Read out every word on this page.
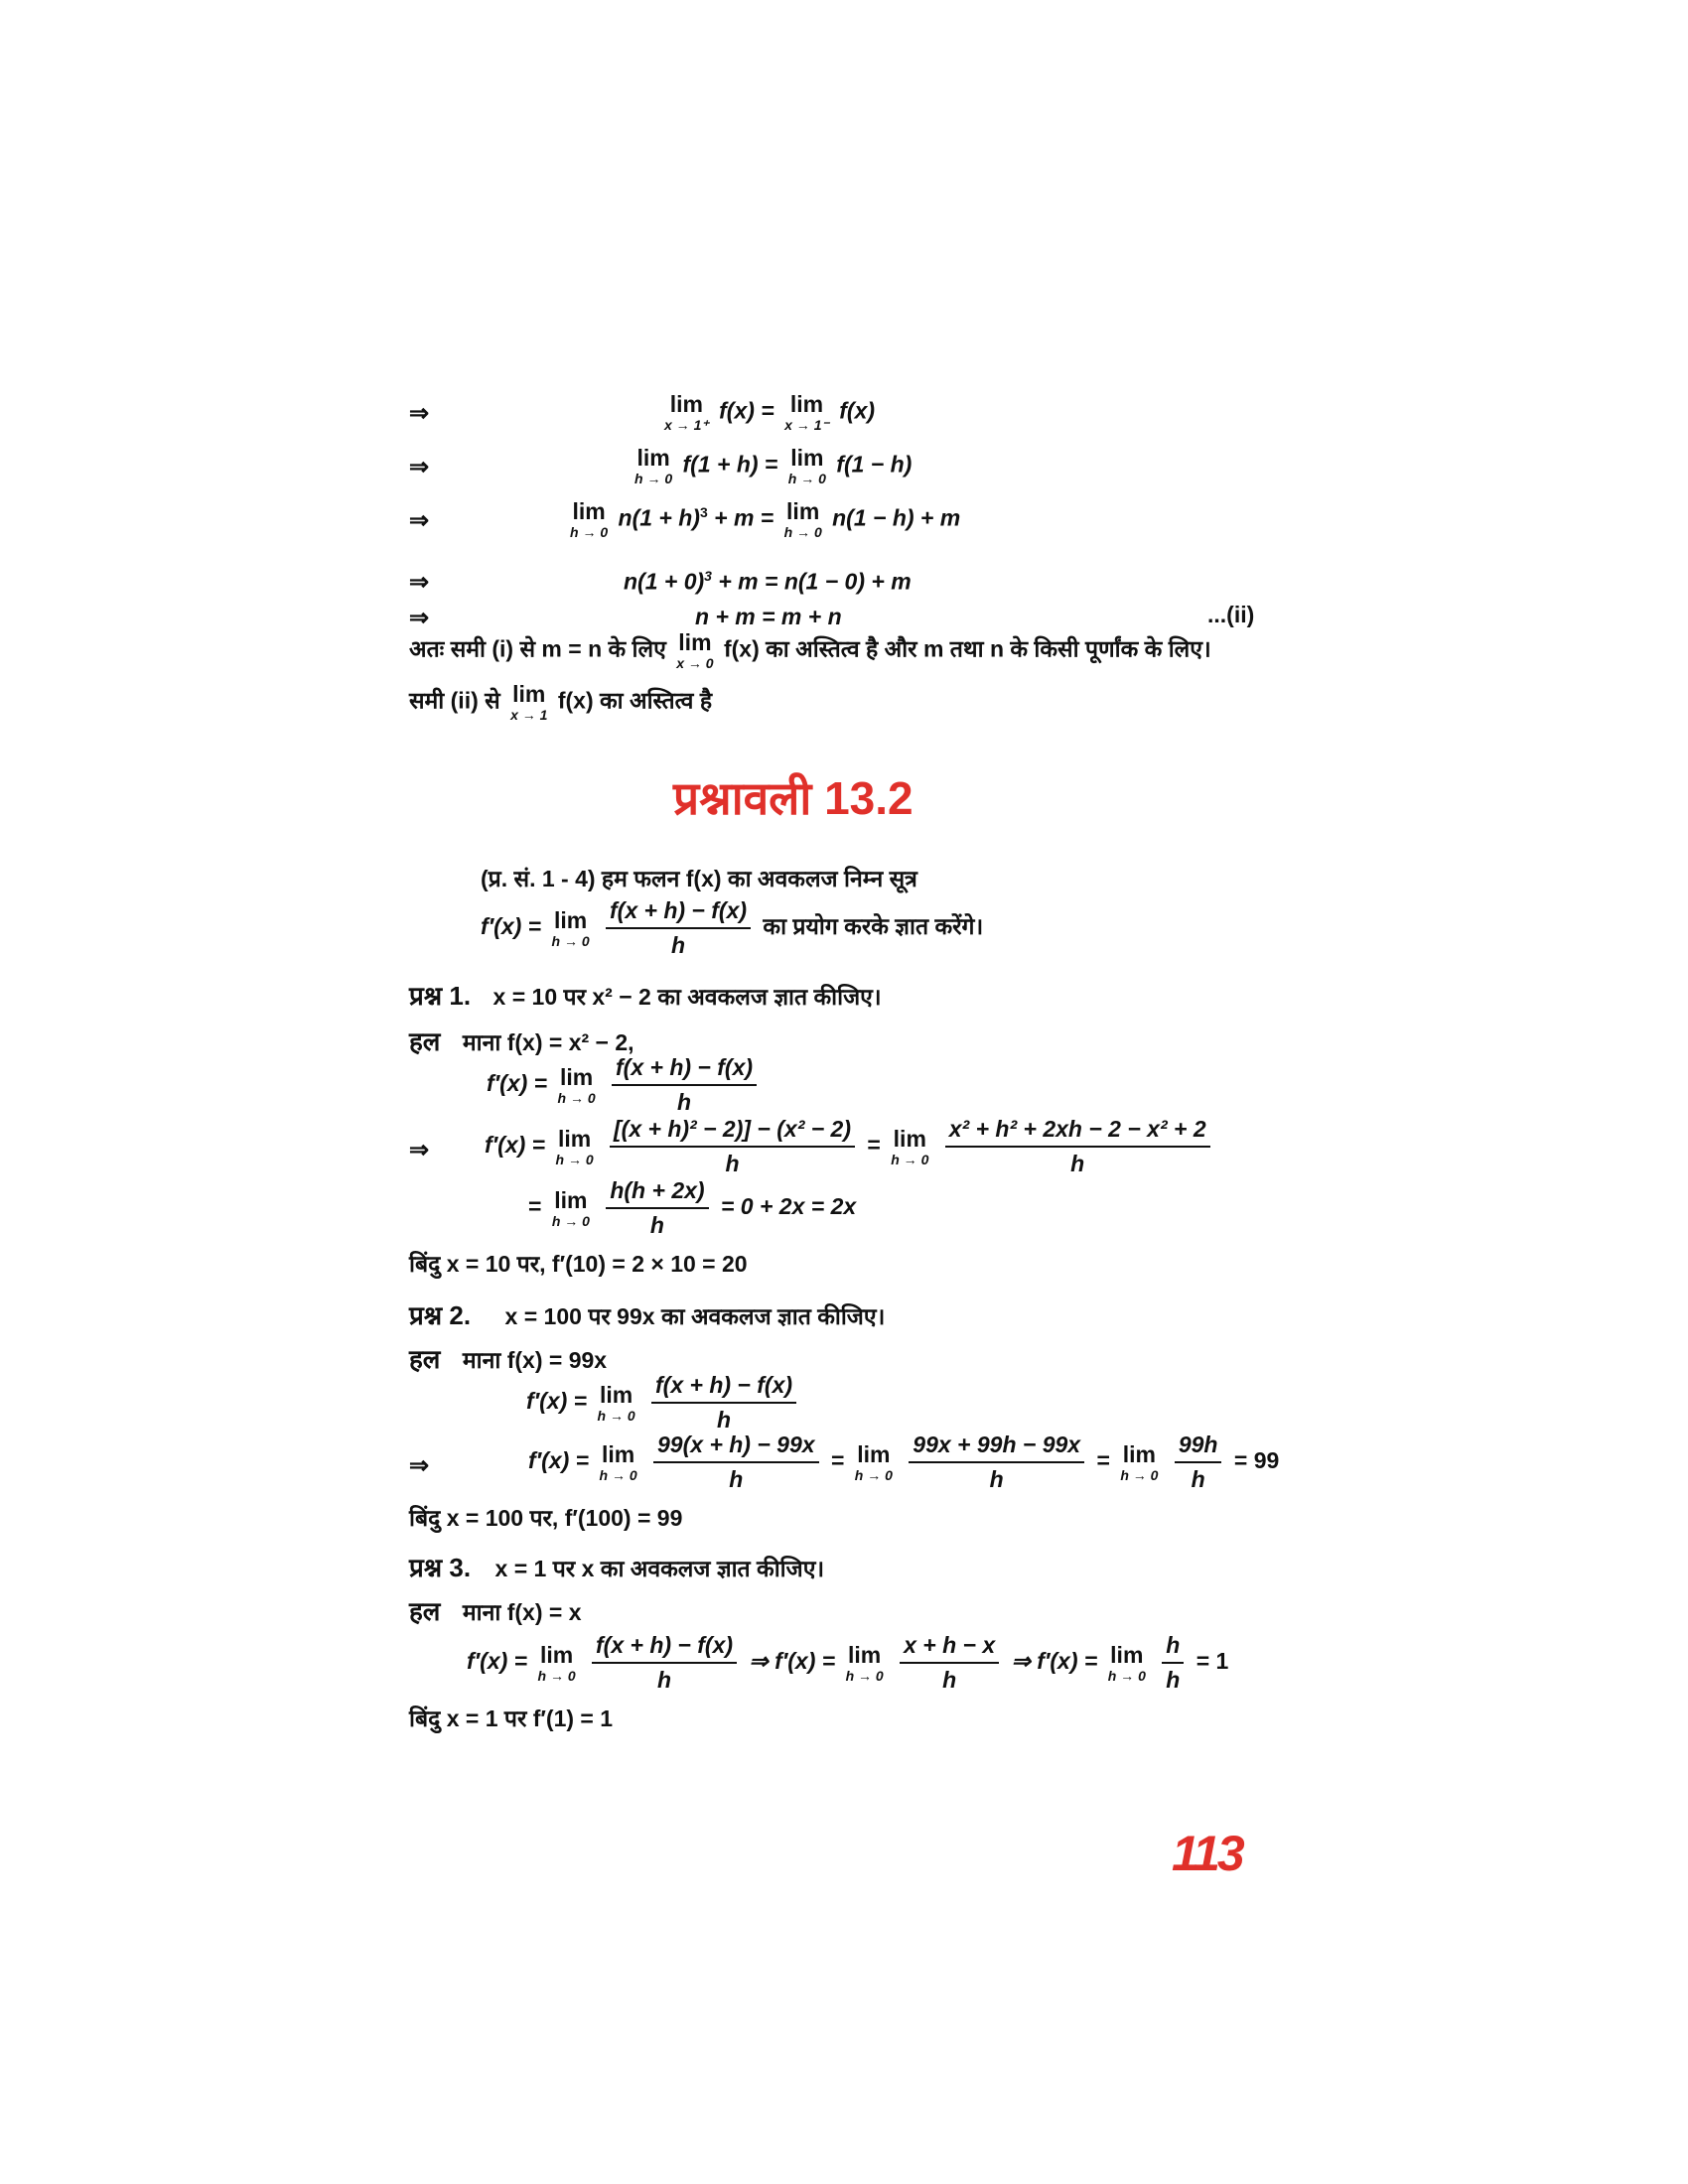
⇒	lim
x → 1⁺
f(x) = lim
x → 1⁻
f(x)
⇒	lim
h → 0
f(1 + h) = lim
h → 0
f(1 − h)
⇒	lim
h → 0
$n(1 + h)^3 + m = \lim$
h → 0
n(1 − h) + m
⇒	$n(1 + 0)^3 + m = n(1 - 0) + m$
⇒	n + m = m + n	...(ii)
अतः समी (i) से m = n के लिए lim
x → 0
f(x) का अस्तित्व है और m तथा n के किसी पूर्णांक के लिए।
समी (ii) से lim
x → 1
f(x) का अस्तित्व है
प्रश्नावली 13.2
(प्र. सं. 1 - 4) हम फलन f(x) का अवकलज निम्न सूत्र
f′(x) = lim
h → 0
$\frac{f(x + h) - f(x)}{h}$ का प्रयोग करके ज्ञात करेंगे।
प्रश्न 1. x = 10 पर x² − 2 का अवकलज ज्ञात कीजिए।
हल माना f(x) = x² − 2,
f′(x) = lim
h → 0
$\frac{f(x + h) - f(x)}{h}$
⇒ f′(x) = lim
h → 0
$\frac{\text{[(x + h)² − 2)] − (x² − 2)}}{h} = \lim$
h → 0
$\frac{\text{x² + h² + 2xh − 2 − x² + 2}}{h}$
= lim
h → 0
$\frac{h(h + 2x)}{h} = 0 + 2x = 2x$
बिंदु x = 10 पर, f′(10) = 2 × 10 = 20
प्रश्न 2. x = 100 पर 99x का अवकलज ज्ञात कीजिए।
हल माना f(x) = 99x
f′(x) = lim
h → 0
$\frac{f(x + h) - f(x)}{h}$
⇒	f′(x) = lim
h → 0
$\frac{99(x + h) - 99x}{h} = \lim$
h → 0
$\frac{99x + 99h - 99x}{h} = \lim$
h → 0
$\frac{99h}{h} = 99$
बिंदु x = 100 पर, f′(100) = 99
प्रश्न 3. x = 1 पर x का अवकलज ज्ञात कीजिए।
हल माना f(x) = x
f′(x) = lim
h → 0
$\frac{f(x + h) - f(x)}{h}$ ⇒ f′(x) = lim
h → 0
$\frac{x + h - x}{h}$ ⇒ f′(x) = lim
h → 0
$\frac{h}{h} = 1$
बिंदु x = 1 पर f′(1) = 1
113
